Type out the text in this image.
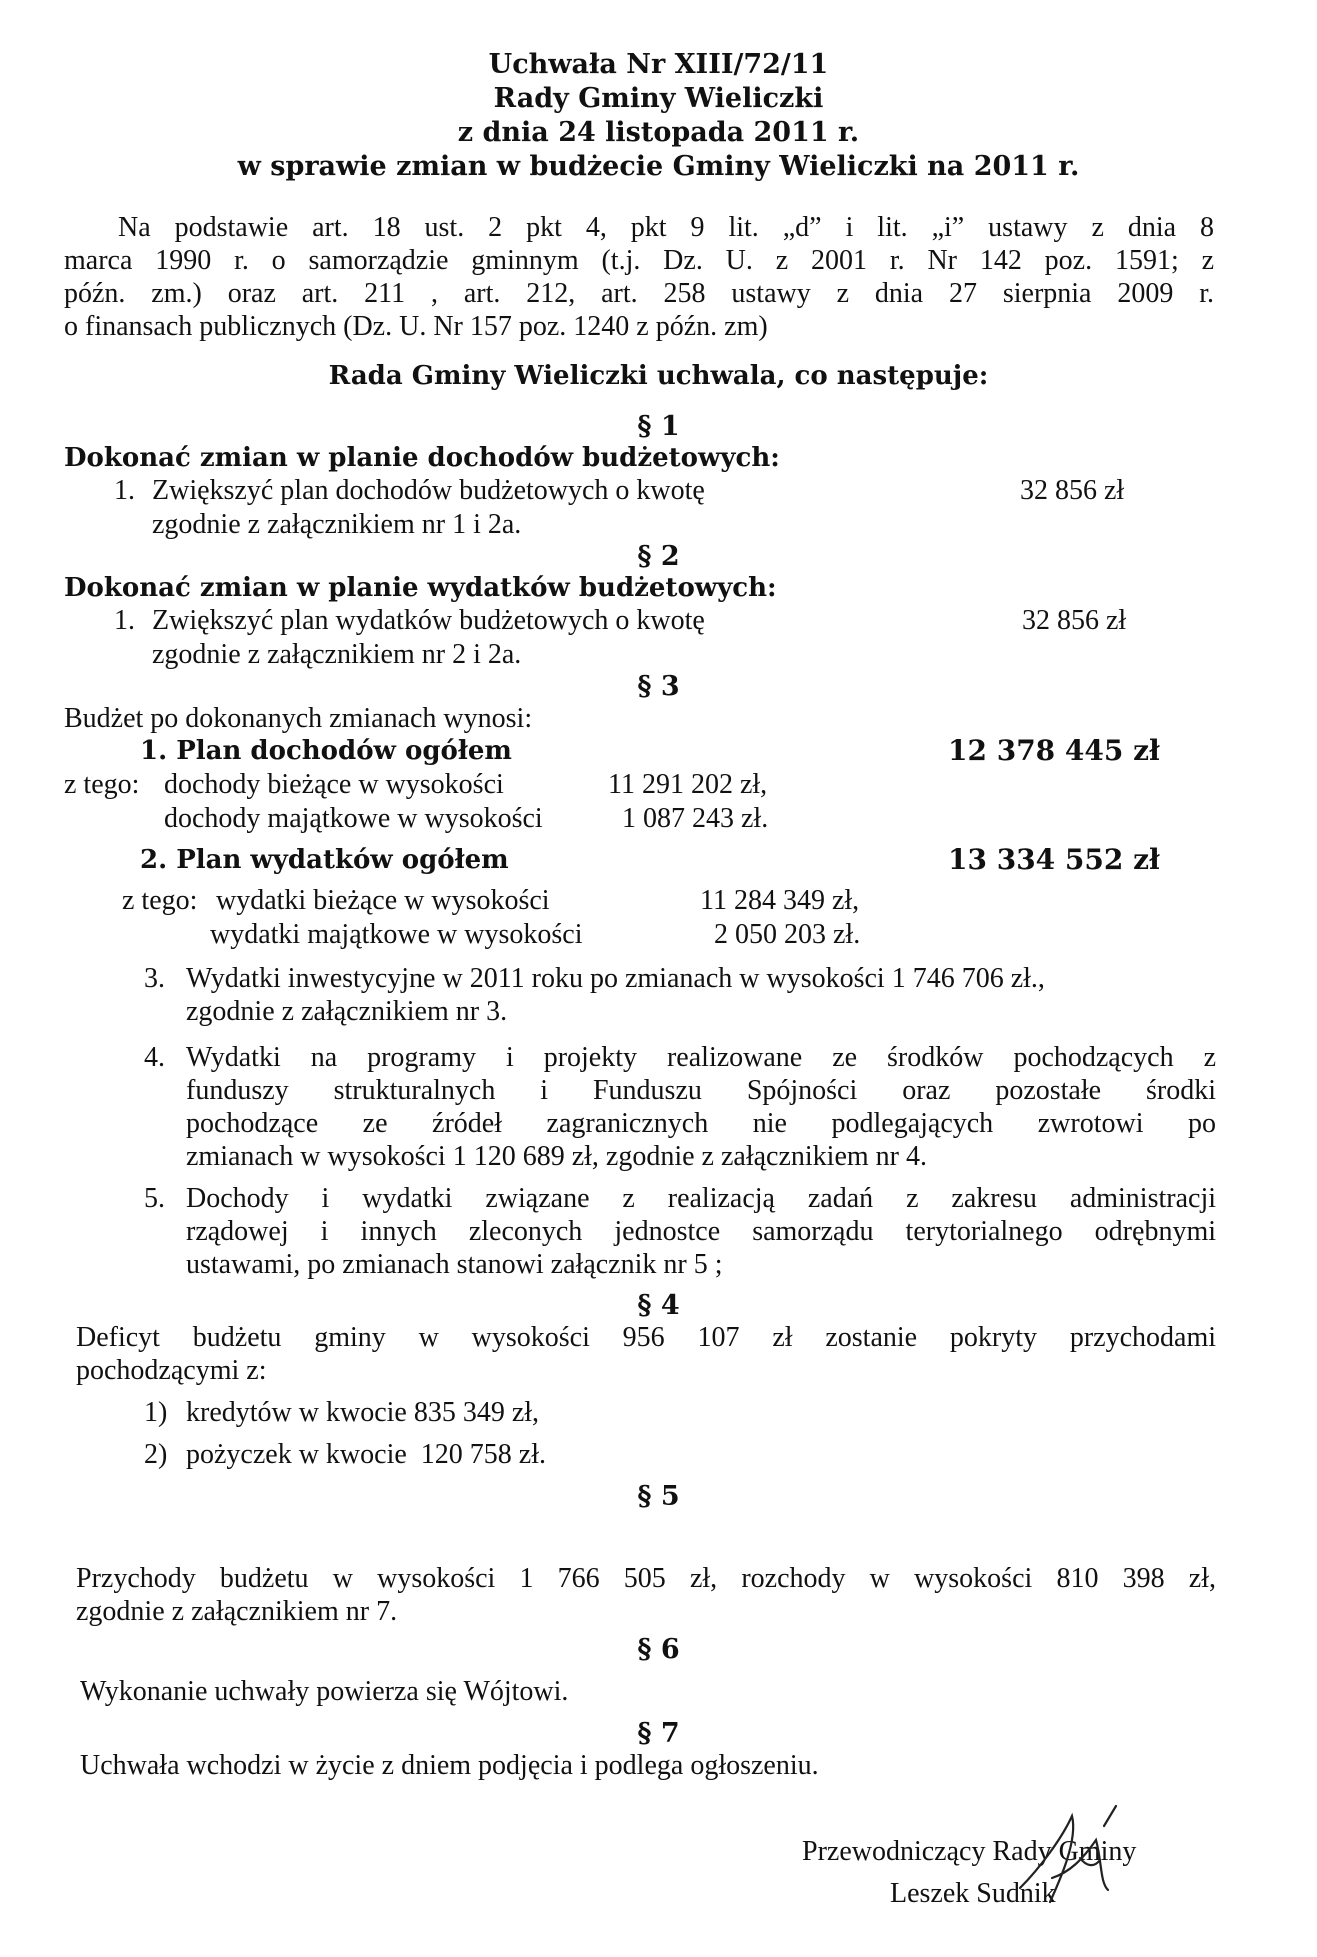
Uchwała Nr XIII/72/11
Rady Gminy Wieliczki
z dnia 24 listopada 2011 r.
w sprawie zmian w budżecie Gminy Wieliczki na 2011 r.
Na podstawie art. 18 ust. 2 pkt 4, pkt 9 lit. „d” i lit. „i” ustawy z dnia 8
marca 1990 r. o samorządzie gminnym (t.j. Dz. U. z 2001 r. Nr 142 poz. 1591; z
późn. zm.) oraz art. 211 , art. 212, art. 258 ustawy z dnia 27 sierpnia 2009 r.
o finansach publicznych (Dz. U. Nr 157 poz. 1240 z późn. zm)
Rada Gminy Wieliczki uchwala, co następuje:
§ 1
Dokonać zmian w planie dochodów budżetowych:
1. Zwiększyć plan dochodów budżetowych o kwotę
zgodnie z załącznikiem nr 1 i 2a.
32 856 zł
§ 2
Dokonać zmian w planie wydatków budżetowych:
1. Zwiększyć plan wydatków budżetowych o kwotę
zgodnie z załącznikiem nr 2 i 2a.
32 856 zł
§ 3
Budżet po dokonanych zmianach wynosi:
1. Plan dochodów ogółem	12 378 445 zł
z tego: dochody bieżące w wysokości	11 291 202 zł,
dochody majątkowe w wysokości	1 087 243 zł.
2. Plan wydatków ogółem	13 334 552 zł
z tego: wydatki bieżące w wysokości	11 284 349 zł,
wydatki majątkowe w wysokości	2 050 203 zł.
3. Wydatki inwestycyjne w 2011 roku po zmianach w wysokości 1 746 706 zł.,
zgodnie z załącznikiem nr 3.
4. Wydatki na programy i projekty realizowane ze środków pochodzących z
funduszy strukturalnych i Funduszu Spójności oraz pozostałe środki
pochodzące ze źródeł zagranicznych nie podlegających zwrotowi po
zmianach w wysokości 1 120 689 zł, zgodnie z załącznikiem nr 4.
5. Dochody i wydatki związane z realizacją zadań z zakresu administracji
rządowej i innych zleconych jednostce samorządu terytorialnego odrębnymi
ustawami, po zmianach stanowi załącznik nr 5 ;
§ 4
Deficyt budżetu gminy w wysokości 956 107 zł zostanie pokryty przychodami
pochodzącymi z:
1) kredytów w kwocie 835 349 zł,
2) pożyczek w kwocie  120 758 zł.
§ 5
Przychody budżetu w wysokości 1 766 505 zł, rozchody w wysokości 810 398 zł,
zgodnie z załącznikiem nr 7.
§ 6
Wykonanie uchwały powierza się Wójtowi.
§ 7
Uchwała wchodzi w życie z dniem podjęcia i podlega ogłoszeniu.
Przewodniczący Rady Gminy
Leszek Sudnik
